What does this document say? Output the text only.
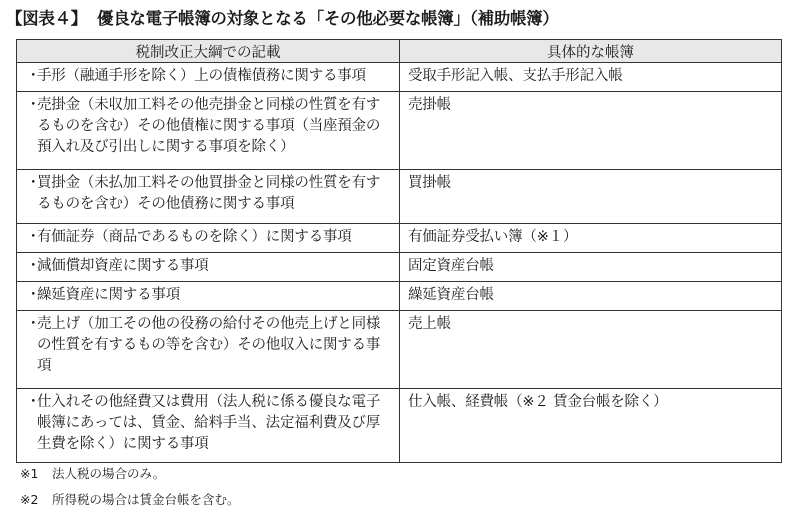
【図表４】 優良な電子帳簿の対象となる「その他必要な帳簿」（補助帳簿）
税制改正大綱での記載	具体的な帳簿

・
手形（融通手形を除く）上の債権債務に関する事項	受取手形記入帳、支払手形記入帳

・
売掛金（未収加工料その他売掛金と同様の性質を有するものを含む）その他債権に関する事項（当座預金の預入れ及び引出しに関する事項を除く）	売掛帳

・
買掛金（未払加工料その他買掛金と同様の性質を有するものを含む）その他債務に関する事項	買掛帳

・
有価証券（商品であるものを除く）に関する事項	有価証券受払い簿（※１）

・
減価償却資産に関する事項	固定資産台帳

・
繰延資産に関する事項	繰延資産台帳

・
売上げ（加工その他の役務の給付その他売上げと同様の性質を有するもの等を含む）その他収入に関する事項	売上帳

・
仕入れその他経費又は費用（法人税に係る優良な電子帳簿にあっては、賃金、給料手当、法定福利費及び厚生費を除く）に関する事項	仕入帳、経費帳（※２ 賃金台帳を除く）
※1 法人税の場合のみ。
※2 所得税の場合は賃金台帳を含む。
